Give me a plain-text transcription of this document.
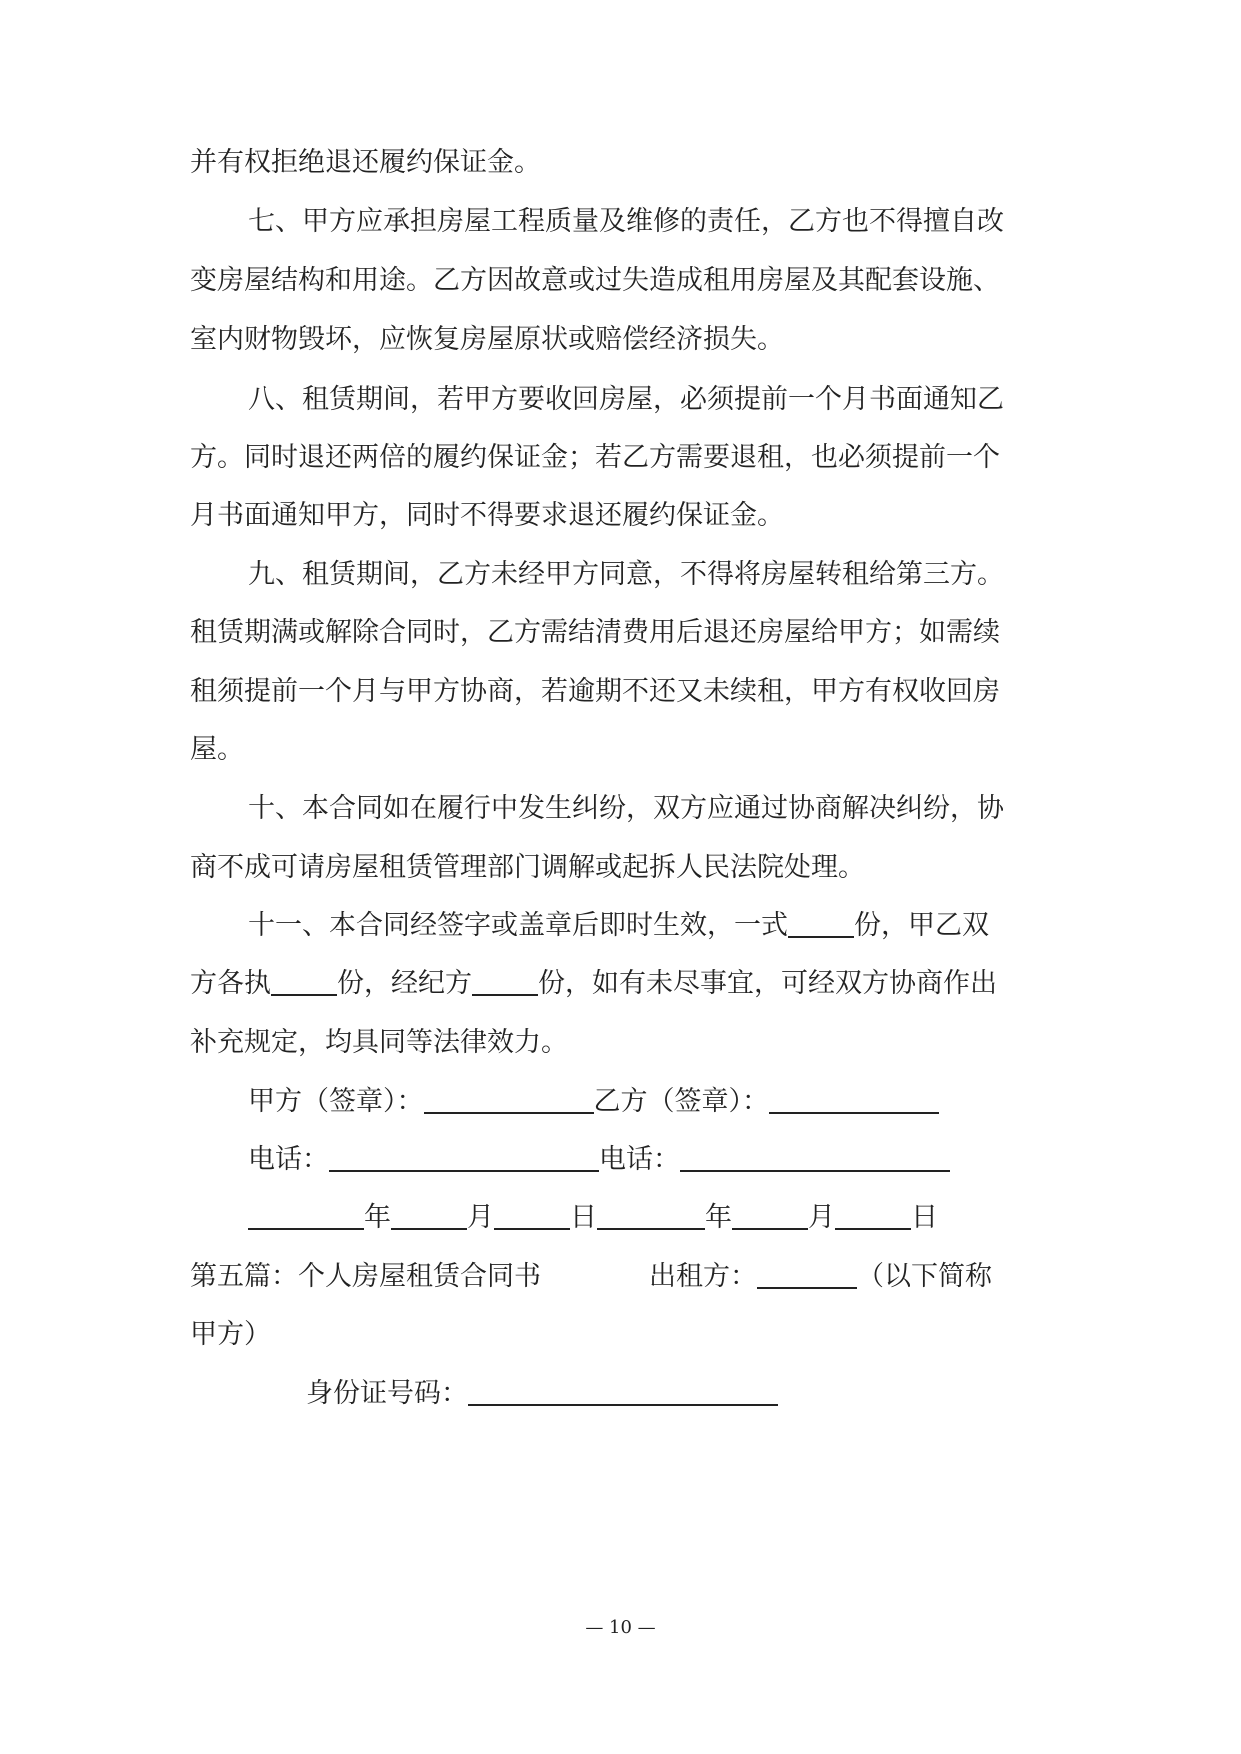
并有权拒绝退还履约保证金。
七、甲方应承担房屋工程质量及维修的责任，乙方也不得擅自改
变房屋结构和用途。乙方因故意或过失造成租用房屋及其配套设施、
室内财物毁坏，应恢复房屋原状或赔偿经济损失。
八、租赁期间，若甲方要收回房屋，必须提前一个月书面通知乙
方。同时退还两倍的履约保证金；若乙方需要退租，也必须提前一个
月书面通知甲方，同时不得要求退还履约保证金。
九、租赁期间，乙方未经甲方同意，不得将房屋转租给第三方。
租赁期满或解除合同时，乙方需结清费用后退还房屋给甲方；如需续
租须提前一个月与甲方协商，若逾期不还又未续租，甲方有权收回房
屋。
十、本合同如在履行中发生纠纷，双方应通过协商解决纠纷，协
商不成可请房屋租赁管理部门调解或起拆人民法院处理。
十一、本合同经签字或盖章后即时生效，一式 份，甲乙双
方各执 份，经纪方 份，如有未尽事宜，可经双方协商作出
补充规定，均具同等法律效力。
甲方（签章）：	乙方（签章）：
电话：	电话：
年	月	日	年	月	日
第五篇：个人房屋租赁合同书	出租方：	（以下简称
甲方）
身份证号码：
— 10 —
